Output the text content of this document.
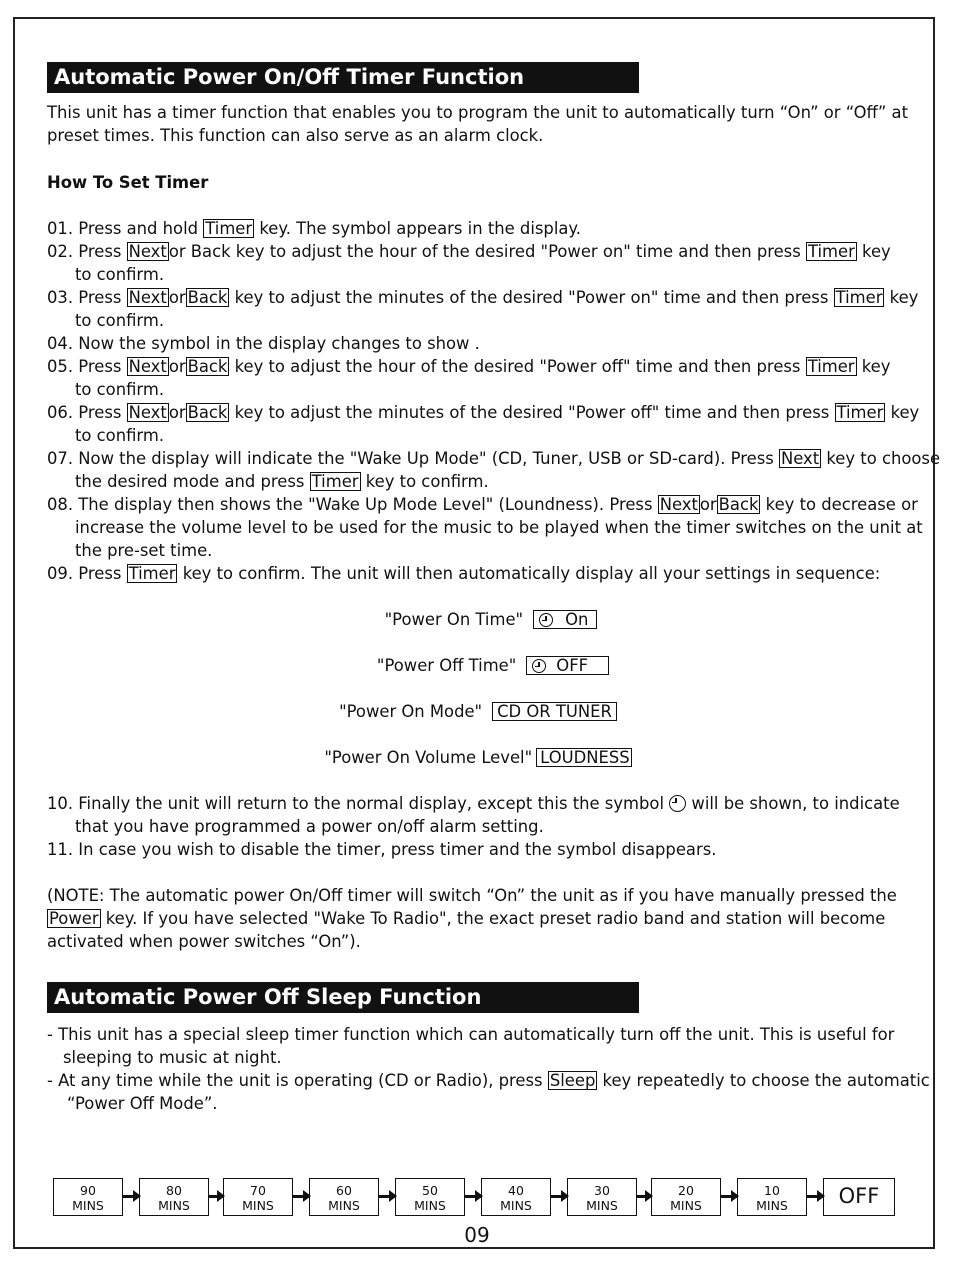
Automatic Power On/Off Timer Function
This unit has a timer function that enables you to program the unit to automatically turn “On” or “Off” at
preset times. This function can also serve as an alarm clock.
How To Set Timer
01. Press and hold Timer key. The symbol appears in the display.
02. Press Next or Back key to adjust the hour of the desired "Power on" time and then press Timer key
to confirm.
03. Press Next or Back key to adjust the minutes of the desired "Power on" time and then press Timer key
to confirm.
04. Now the symbol in the display changes to show .
05. Press Next or Back key to adjust the hour of the desired "Power off" time and then press Timer key
to confirm.
06. Press Next or Back key to adjust the minutes of the desired "Power off" time and then press Timer key
to confirm.
07. Now the display will indicate the "Wake Up Mode" (CD, Tuner, USB or SD-card). Press Next key to choose
the desired mode and press Timer key to confirm.
08. The display then shows the "Wake Up Mode Level" (Loundness). Press Next or Back key to decrease or
increase the volume level to be used for the music to be played when the timer switches on the unit at
the pre-set time.
09. Press Timer key to confirm. The unit will then automatically display all your settings in sequence:
"Power On Time"	On
"Power Off Time" OFF
"Power On Mode" CD OR TUNER
"Power On Volume Level" LOUDNESS
10. Finally the unit will return to the normal display, except this the symbol  will be shown, to indicate
that you have programmed a power on/off alarm setting.
11. In case you wish to disable the timer, press timer and the symbol disappears.
(NOTE: The automatic power On/Off timer will switch “On” the unit as if you have manually pressed the
Power key. If you have selected "Wake To Radio", the exact preset radio band and station will become
activated when power switches “On”).
Automatic Power Off Sleep Function
- This unit has a special sleep timer function which can automatically turn off the unit. This is useful for
sleeping to music at night.
- At any time while the unit is operating (CD or Radio), press Sleep key repeatedly to choose the automatic
“Power Off Mode”.
90
MINS
80
MINS
70
MINS
60
MINS
50
MINS
40
MINS
30
MINS
20
MINS
10
MINS	OFF
09
